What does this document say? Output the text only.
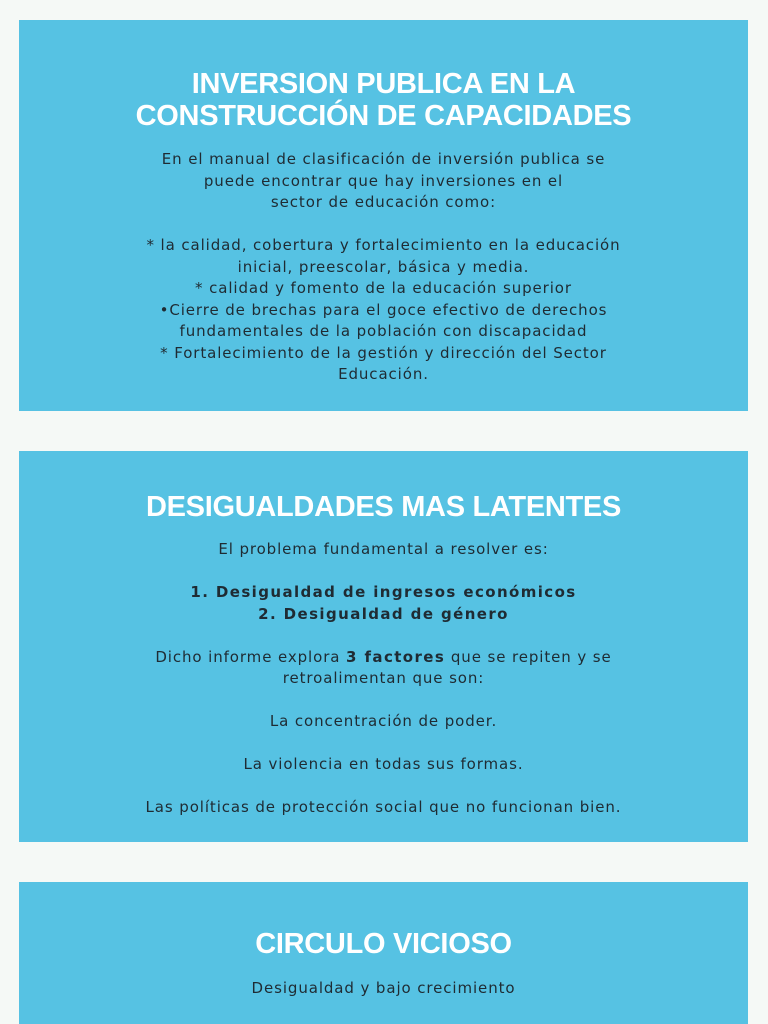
INVERSION PUBLICA EN LA
CONSTRUCCIÓN DE CAPACIDADES
En el manual de clasificación de inversión publica se
puede encontrar que hay inversiones en el
sector de educación como:
* la calidad, cobertura y fortalecimiento en la educación
inicial, preescolar, básica y media.
* calidad y fomento de la educación superior
•Cierre de brechas para el goce efectivo de derechos
fundamentales de la población con discapacidad
* Fortalecimiento de la gestión y dirección del Sector
Educación.
DESIGUALDADES MAS LATENTES
El problema fundamental a resolver es:
1. Desigualdad de ingresos económicos
2. Desigualdad de género
Dicho informe explora 3 factores que se repiten y se
retroalimentan que son:
La concentración de poder.
La violencia en todas sus formas.
Las políticas de protección social que no funcionan bien.
CIRCULO VICIOSO
Desigualdad y bajo crecimiento
